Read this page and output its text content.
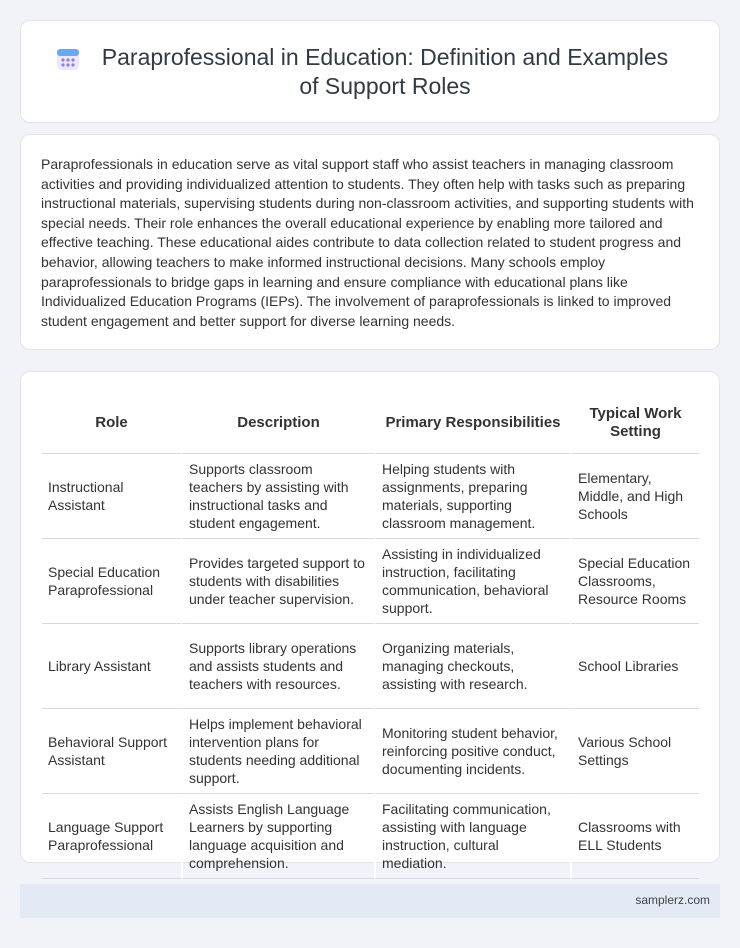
Paraprofessional in Education: Definition and Examples of Support Roles

Paraprofessionals in education serve as vital support staff who assist teachers in managing classroom activities and providing individualized attention to students. They often help with tasks such as preparing instructional materials, supervising students during non-classroom activities, and supporting students with special needs. Their role enhances the overall educational experience by enabling more tailored and effective teaching. These educational aides contribute to data collection related to student progress and behavior, allowing teachers to make informed instructional decisions. Many schools employ paraprofessionals to bridge gaps in learning and ensure compliance with educational plans like Individualized Education Programs (IEPs). The involvement of paraprofessionals is linked to improved student engagement and better support for diverse learning needs.

Role	Description	Primary Responsibilities	Typical Work Setting
Instructional Assistant	Supports classroom teachers by assisting with instructional tasks and student engagement.	Helping students with assignments, preparing materials, supporting classroom management.	Elementary, Middle, and High Schools
Special Education Paraprofessional	Provides targeted support to students with disabilities under teacher supervision.	Assisting in individualized instruction, facilitating communication, behavioral support.	Special Education Classrooms, Resource Rooms
Library Assistant	Supports library operations and assists students and teachers with resources.	Organizing materials, managing checkouts, assisting with research.	School Libraries
Behavioral Support Assistant	Helps implement behavioral intervention plans for students needing additional support.	Monitoring student behavior, reinforcing positive conduct, documenting incidents.	Various School Settings
Language Support Paraprofessional	Assists English Language Learners by supporting language acquisition and comprehension.	Facilitating communication, assisting with language instruction, cultural mediation.	Classrooms with ELL Students
samplerz.com
